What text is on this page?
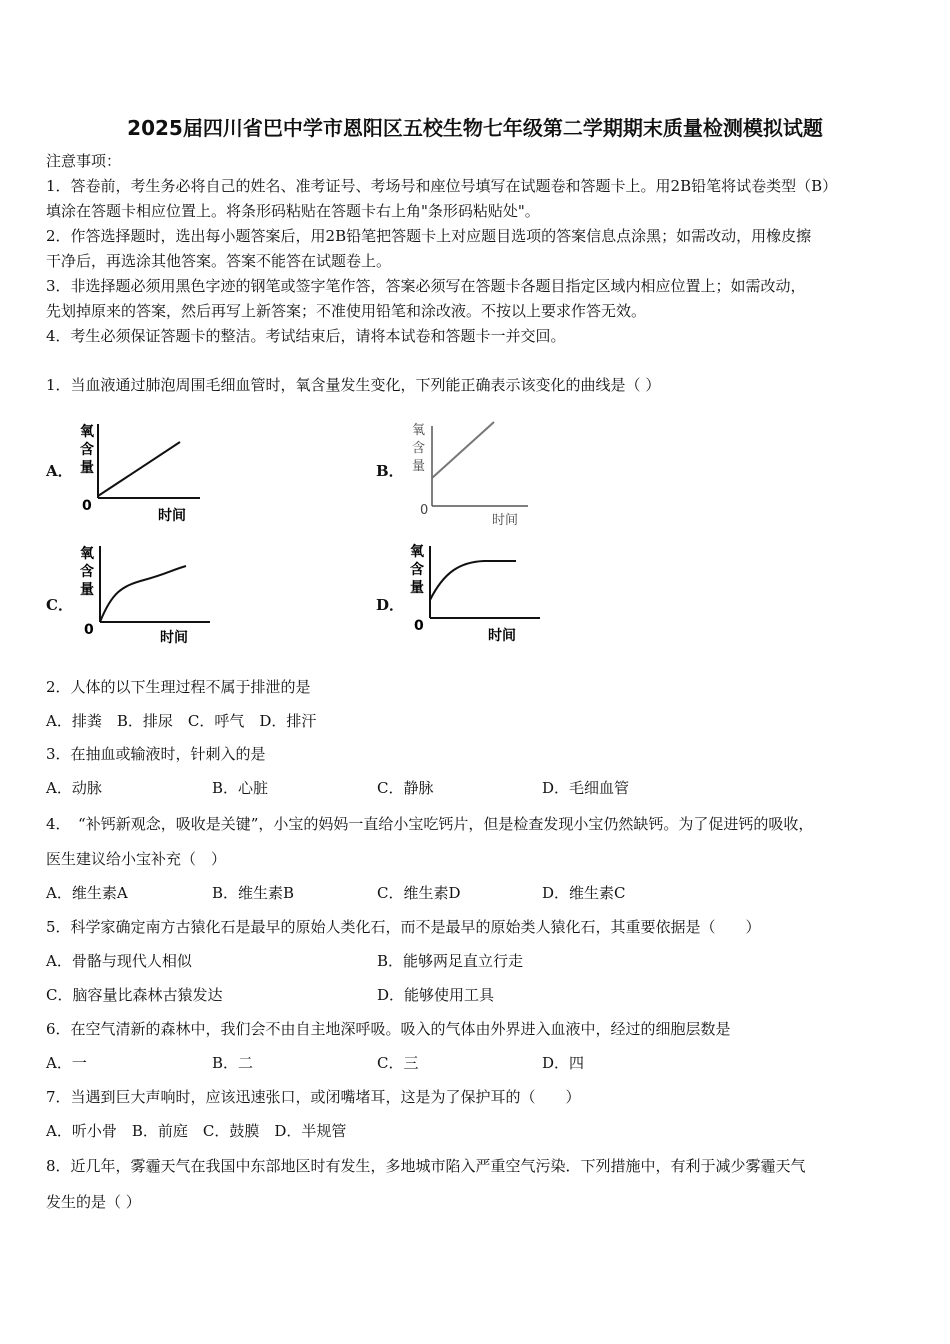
2025届四川省巴中学市恩阳区五校生物七年级第二学期期末质量检测模拟试题
注意事项：
1．答卷前，考生务必将自己的姓名、准考证号、考场号和座位号填写在试题卷和答题卡上。用2B铅笔将试卷类型（B）
填涂在答题卡相应位置上。将条形码粘贴在答题卡右上角"条形码粘贴处"。
2．作答选择题时，选出每小题答案后，用2B铅笔把答题卡上对应题目选项的答案信息点涂黑；如需改动，用橡皮擦
干净后，再选涂其他答案。答案不能答在试题卷上。
3．非选择题必须用黑色字迹的钢笔或签字笔作答，答案必须写在答题卡各题目指定区域内相应位置上；如需改动，
先划掉原来的答案，然后再写上新答案；不准使用铅笔和涂改液。不按以上要求作答无效。
4．考生必须保证答题卡的整洁。考试结束后，请将本试卷和答题卡一并交回。
1．当血液通过肺泡周围毛细血管时，氧含量发生变化，下列能正确表示该变化的曲线是（ ）
A．	B．
C．	D．
氧
含
量
0
时间
氧
含
量
0
时间
氧
含
量
0	时间
氧
含
量
0
时间
2．人体的以下生理过程不属于排泄的是
A．排粪　B．排尿　C．呼气　D．排汗
3．在抽血或输液时，针刺入的是
A．动脉	B．心脏	C．静脉	D．毛细血管
4．　“补钙新观念，吸收是关键”，小宝的妈妈一直给小宝吃钙片，但是检查发现小宝仍然缺钙。为了促进钙的吸收，
医生建议给小宝补充（　）
A．维生素A	B．维生素B	C．维生素D	D．维生素C
5．科学家确定南方古猿化石是最早的原始人类化石，而不是最早的原始类人猿化石，其重要依据是（　　）
A．骨骼与现代人相似	B．能够两足直立行走
C．脑容量比森林古猿发达	D．能够使用工具
6．在空气清新的森林中，我们会不由自主地深呼吸。吸入的气体由外界进入血液中，经过的细胞层数是
A．一	B．二	C．三	D．四
7．当遇到巨大声响时，应该迅速张口，或闭嘴堵耳，这是为了保护耳的（　　）
A．听小骨　B．前庭　C．鼓膜　D．半规管
8．近几年，雾霾天气在我国中东部地区时有发生，多地城市陷入严重空气污染．下列措施中，有利于减少雾霾天气
发生的是（ ）
